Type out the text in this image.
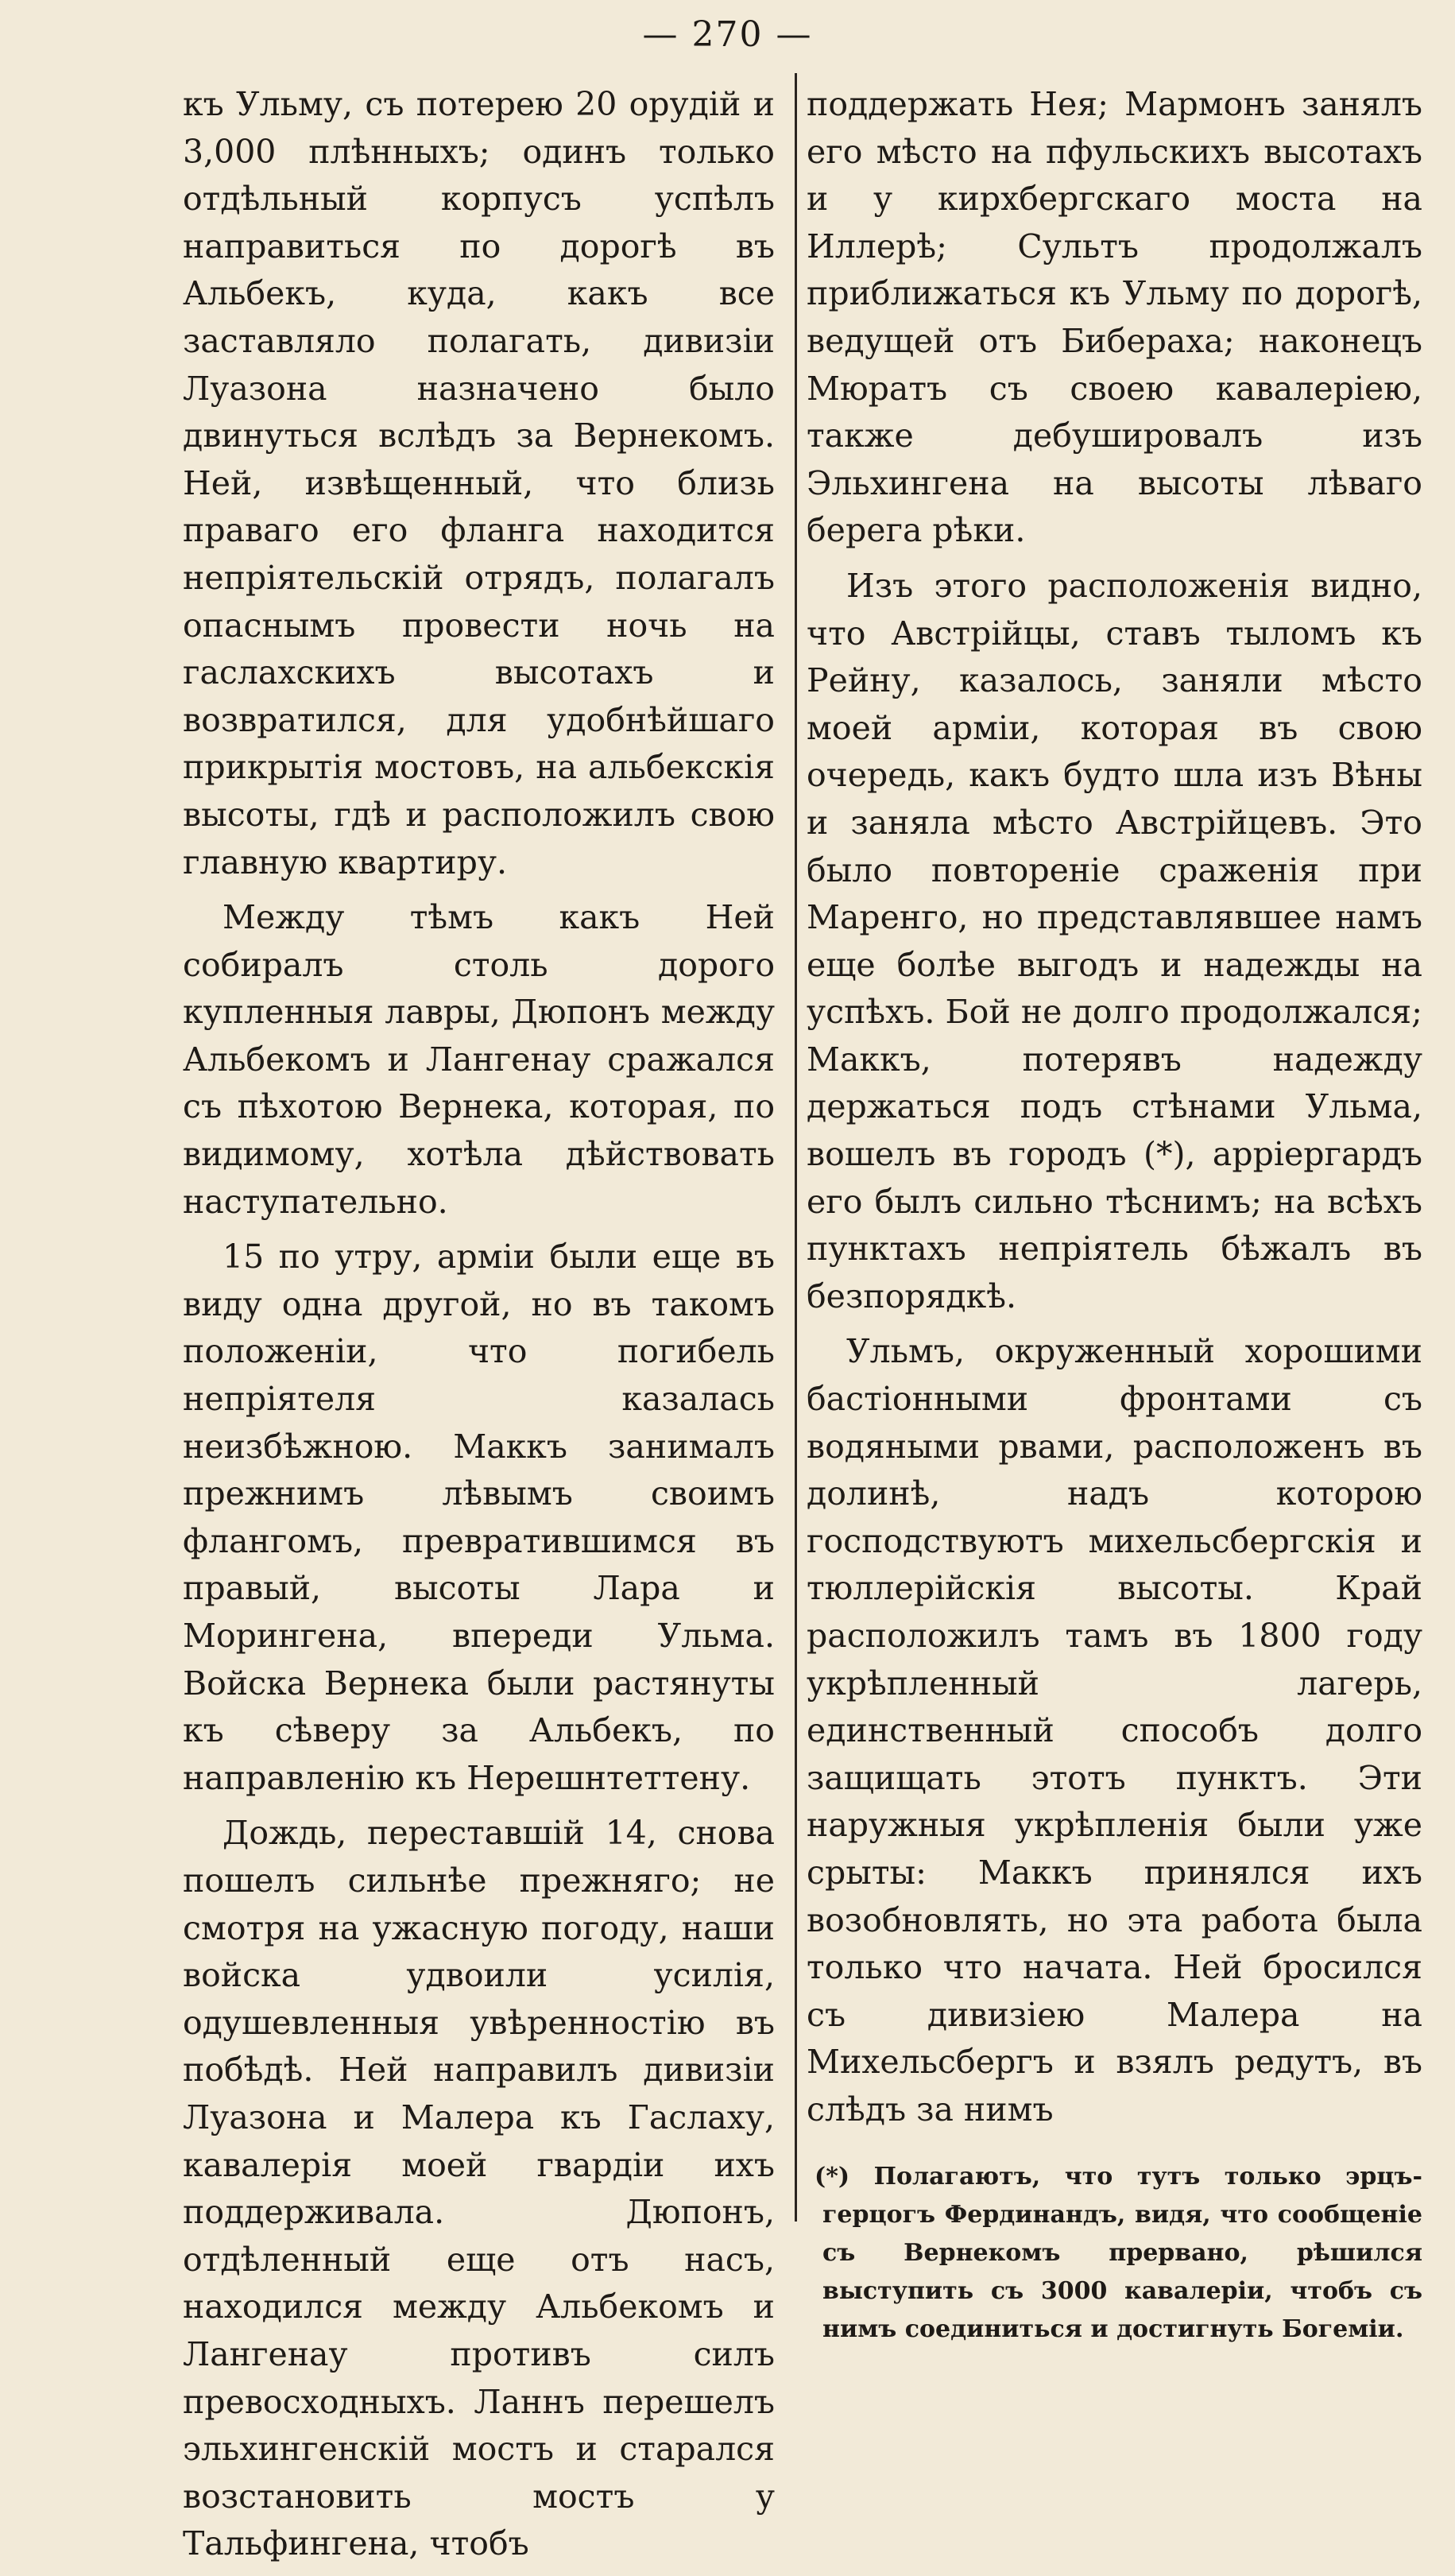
— 270 —

къ Ульму, съ потерею 20 орудій и 3,000 плѣнныхъ; одинъ только отдѣльный корпусъ успѣлъ направиться по дорогѣ въ Альбекъ, куда, какъ все заставляло полагать, дивизіи Луазона назначено было двинуться вслѣдъ за Вернекомъ. Ней, извѣщенный, что близь праваго его фланга находится непріятельскій отрядъ, полагалъ опаснымъ провести ночь на гаслахскихъ высотахъ и возвратился, для удобнѣйшаго прикрытія мостовъ, на альбекскія высоты, гдѣ и расположилъ свою главную квартиру.

Между тѣмъ какъ Ней собиралъ столь дорого купленныя лавры, Дюпонъ между Альбекомъ и Лангенау сражался съ пѣхотою Вернека, которая, по видимому, хотѣла дѣйствовать наступательно.

15 по утру, арміи были еще въ виду одна другой, но въ такомъ положеніи, что погибель непріятеля казалась неизбѣжною. Маккъ занималъ прежнимъ лѣвымъ своимъ флангомъ, превратившимся въ правый, высоты Лара и Морингена, впереди Ульма. Войска Вернека были растянуты къ сѣверу за Альбекъ, по направленію къ Нерешнтеттену.

Дождь, переставшій 14, снова пошелъ сильнѣе прежняго; не смотря на ужасную погоду, наши войска удвоили усилія, одушевленныя увѣренностію въ побѣдѣ. Ней направилъ дивизіи Луазона и Малера къ Гаслаху, кавалерія моей гвардіи ихъ поддерживала. Дюпонъ, отдѣленный еще отъ насъ, находился между Альбекомъ и Лангенау противъ силъ превосходныхъ. Ланнъ перешелъ эльхингенскій мостъ и старался возстановить мостъ у Тальфингена, чтобъ

поддержать Нея; Мармонъ занялъ его мѣсто на пфульскихъ высотахъ и у кирхбергскаго моста на Иллерѣ; Сультъ продолжалъ приближаться къ Ульму по дорогѣ, ведущей отъ Бибераха; наконецъ Мюратъ съ своею кавалеріею, также дебушировалъ изъ Эльхингена на высоты лѣваго берега рѣки.

Изъ этого расположенія видно, что Австрійцы, ставъ тыломъ къ Рейну, казалось, заняли мѣсто моей арміи, которая въ свою очередь, какъ будто шла изъ Вѣны и заняла мѣсто Австрійцевъ. Это было повтореніе сраженія при Маренго, но представлявшее намъ еще болѣе выгодъ и надежды на успѣхъ. Бой не долго продолжался; Маккъ, потерявъ надежду держаться подъ стѣнами Ульма, вошелъ въ городъ (*), арріергардъ его былъ сильно тѣснимъ; на всѣхъ пунктахъ непріятель бѣжалъ въ безпорядкѣ.

Ульмъ, окруженный хорошими бастіонными фронтами съ водяными рвами, расположенъ въ долинѣ, надъ которою господствуютъ михельсбергскія и тюллерійскія высоты. Край расположилъ тамъ въ 1800 году укрѣпленный лагерь, единственный способъ долго защищать этотъ пунктъ. Эти наружныя укрѣпленія были уже срыты: Маккъ принялся ихъ возобновлять, но эта работа была только что начата. Ней бросился съ дивизіею Малера на Михельсбергъ и взялъ редутъ, въ слѣдъ за нимъ

(*) Полагаютъ, что тутъ только эрцъ-герцогъ Фердинандъ, видя, что сообщеніе съ Вернекомъ прервано, рѣшился выступить съ 3000 кавалеріи, чтобъ съ нимъ соединиться и достигнуть Богеміи.
